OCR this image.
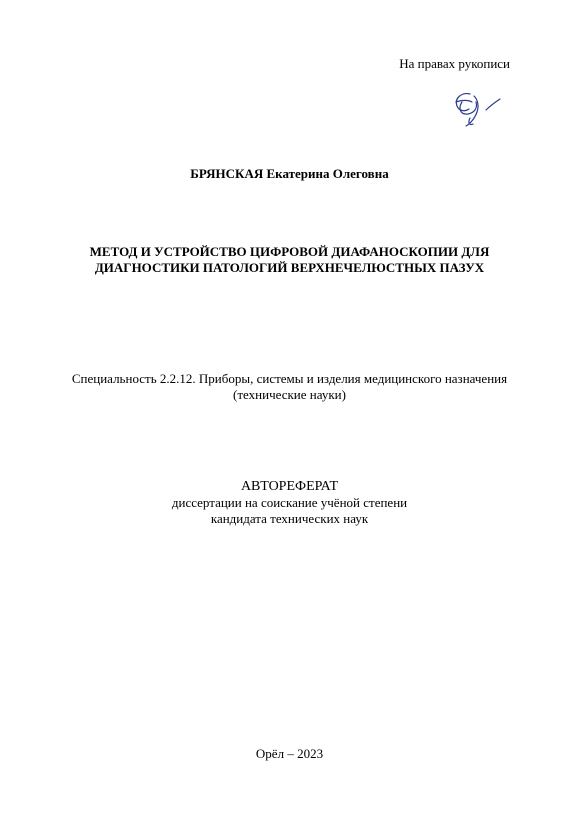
На правах рукописи
БРЯНСКАЯ Екатерина Олеговна
МЕТОД И УСТРОЙСТВО ЦИФРОВОЙ ДИАФАНОСКОПИИ ДЛЯ
ДИАГНОСТИКИ ПАТОЛОГИЙ ВЕРХНЕЧЕЛЮСТНЫХ ПАЗУХ
Специальность 2.2.12. Приборы, системы и изделия медицинского назначения
(технические науки)
АВТОРЕФЕРАТ
диссертации на соискание учёной степени
кандидата технических наук
Орёл – 2023
